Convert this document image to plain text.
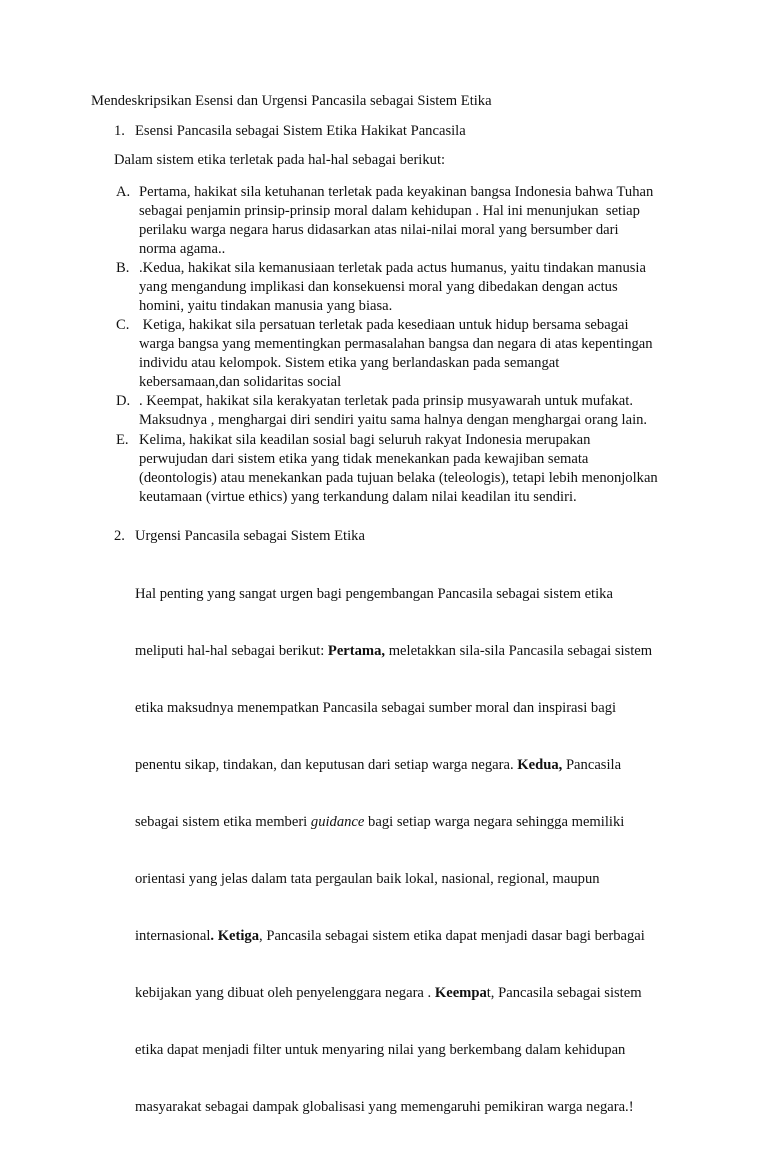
Mendeskripsikan Esensi dan Urgensi Pancasila sebagai Sistem Etika
1. Esensi Pancasila sebagai Sistem Etika Hakikat Pancasila
Dalam sistem etika terletak pada hal-hal sebagai berikut:
A. Pertama, hakikat sila ketuhanan terletak pada keyakinan bangsa Indonesia bahwa Tuhan
sebagai penjamin prinsip-prinsip moral dalam kehidupan . Hal ini menunjukan  setiap
perilaku warga negara harus didasarkan atas nilai-nilai moral yang bersumber dari
norma agama..
B. .Kedua, hakikat sila kemanusiaan terletak pada actus humanus, yaitu tindakan manusia
yang mengandung implikasi dan konsekuensi moral yang dibedakan dengan actus
homini, yaitu tindakan manusia yang biasa.
C. Ketiga, hakikat sila persatuan terletak pada kesediaan untuk hidup bersama sebagai
warga bangsa yang mementingkan permasalahan bangsa dan negara di atas kepentingan
individu atau kelompok. Sistem etika yang berlandaskan pada semangat
kebersamaan,dan solidaritas social
D. . Keempat, hakikat sila kerakyatan terletak pada prinsip musyawarah untuk mufakat.
Maksudnya , menghargai diri sendiri yaitu sama halnya dengan menghargai orang lain.
E. Kelima, hakikat sila keadilan sosial bagi seluruh rakyat Indonesia merupakan
perwujudan dari sistem etika yang tidak menekankan pada kewajiban semata
(deontologis) atau menekankan pada tujuan belaka (teleologis), tetapi lebih menonjolkan
keutamaan (virtue ethics) yang terkandung dalam nilai keadilan itu sendiri.
2. Urgensi Pancasila sebagai Sistem Etika

Hal penting yang sangat urgen bagi pengembangan Pancasila sebagai sistem etika

meliputi hal-hal sebagai berikut: Pertama, meletakkan sila-sila Pancasila sebagai sistem

etika maksudnya menempatkan Pancasila sebagai sumber moral dan inspirasi bagi

penentu sikap, tindakan, dan keputusan dari setiap warga negara. Kedua, Pancasila

sebagai sistem etika memberi guidance bagi setiap warga negara sehingga memiliki

orientasi yang jelas dalam tata pergaulan baik lokal, nasional, regional, maupun

internasional. Ketiga, Pancasila sebagai sistem etika dapat menjadi dasar bagi berbagai

kebijakan yang dibuat oleh penyelenggara negara . Keempat, Pancasila sebagai sistem

etika dapat menjadi filter untuk menyaring nilai yang berkembang dalam kehidupan

masyarakat sebagai dampak globalisasi yang memengaruhi pemikiran warga negara.!
